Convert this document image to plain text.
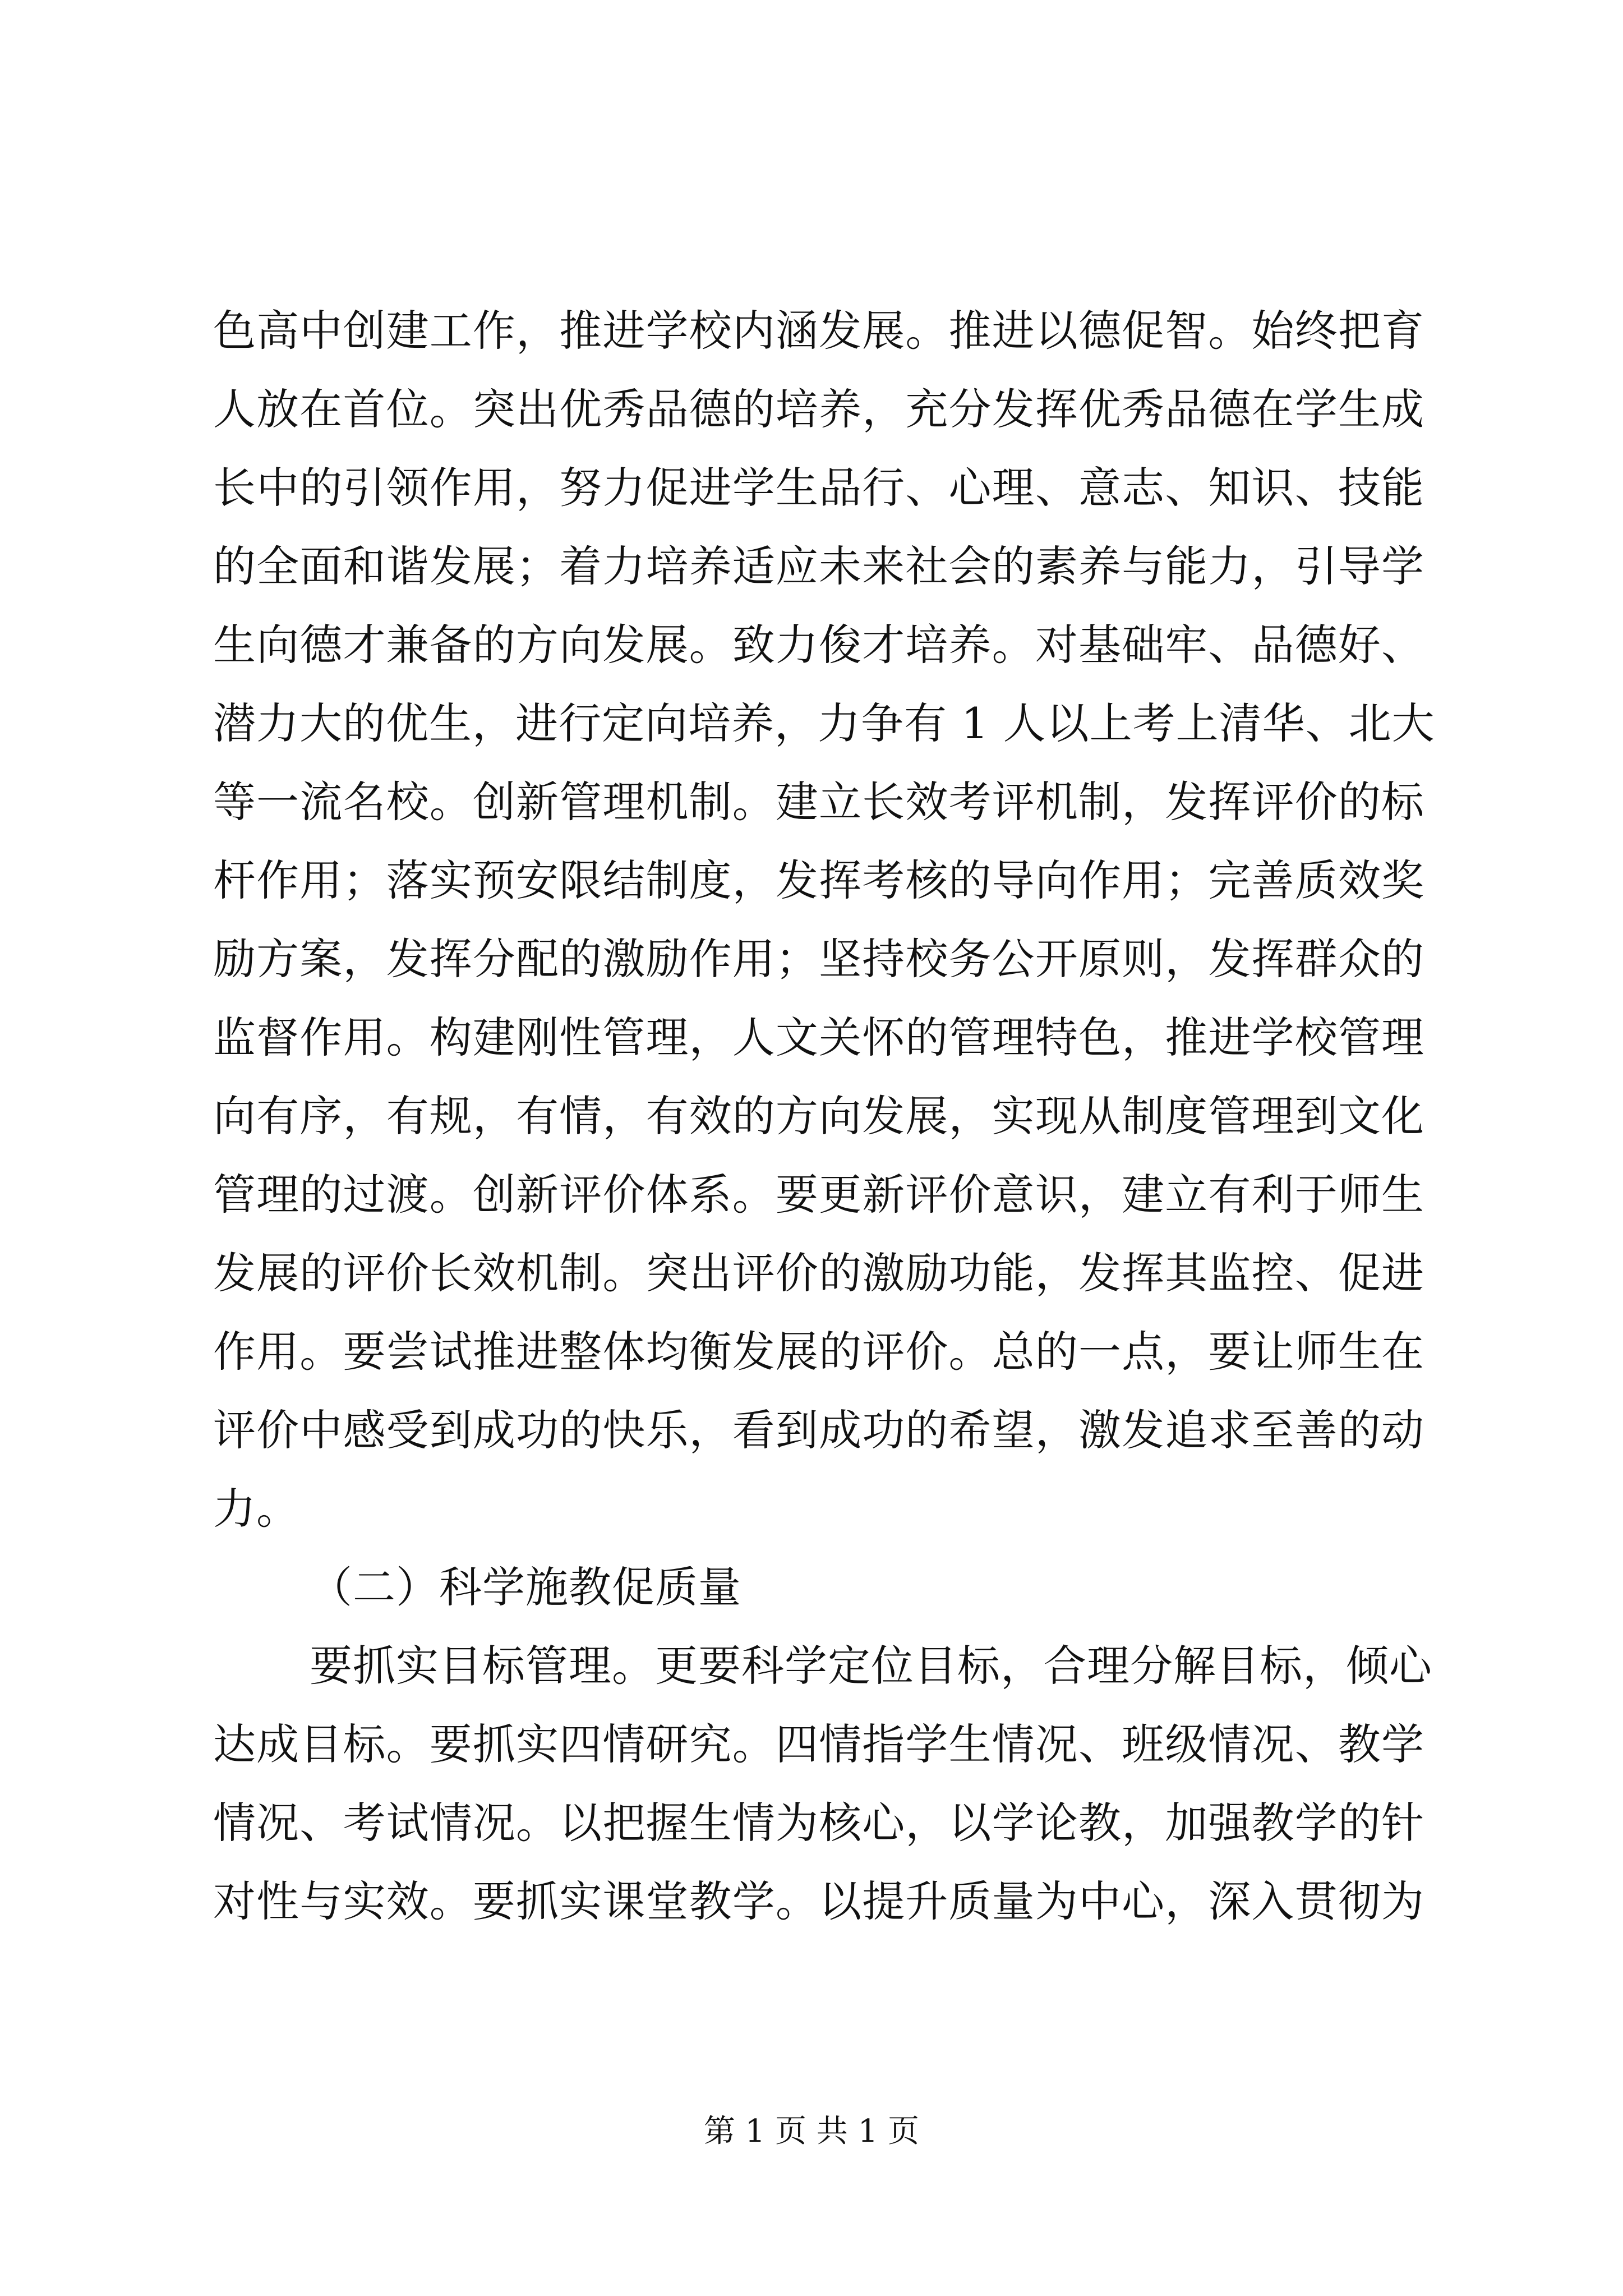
色高中创建工作，推进学校内涵发展。推进以德促智。始终把育
人放在首位。突出优秀品德的培养，充分发挥优秀品德在学生成
长中的引领作用，努力促进学生品行、心理、意志、知识、技能
的全面和谐发展；着力培养适应未来社会的素养与能力，引导学
生向德才兼备的方向发展。致力俊才培养。对基础牢、品德好、
潜力大的优生，进行定向培养，力争有 1 人以上考上清华、北大
等一流名校。创新管理机制。建立长效考评机制，发挥评价的标
杆作用；落实预安限结制度，发挥考核的导向作用；完善质效奖
励方案，发挥分配的激励作用；坚持校务公开原则，发挥群众的
监督作用。构建刚性管理，人文关怀的管理特色，推进学校管理
向有序，有规，有情，有效的方向发展，实现从制度管理到文化
管理的过渡。创新评价体系。要更新评价意识，建立有利于师生
发展的评价长效机制。突出评价的激励功能，发挥其监控、促进
作用。要尝试推进整体均衡发展的评价。总的一点，要让师生在
评价中感受到成功的快乐，看到成功的希望，激发追求至善的动
力。
（二）科学施教促质量
要抓实目标管理。更要科学定位目标，合理分解目标，倾心
达成目标。要抓实四情研究。四情指学生情况、班级情况、教学
情况、考试情况。以把握生情为核心，以学论教，加强教学的针
对性与实效。要抓实课堂教学。以提升质量为中心，深入贯彻为
第 1 页 共 1 页
